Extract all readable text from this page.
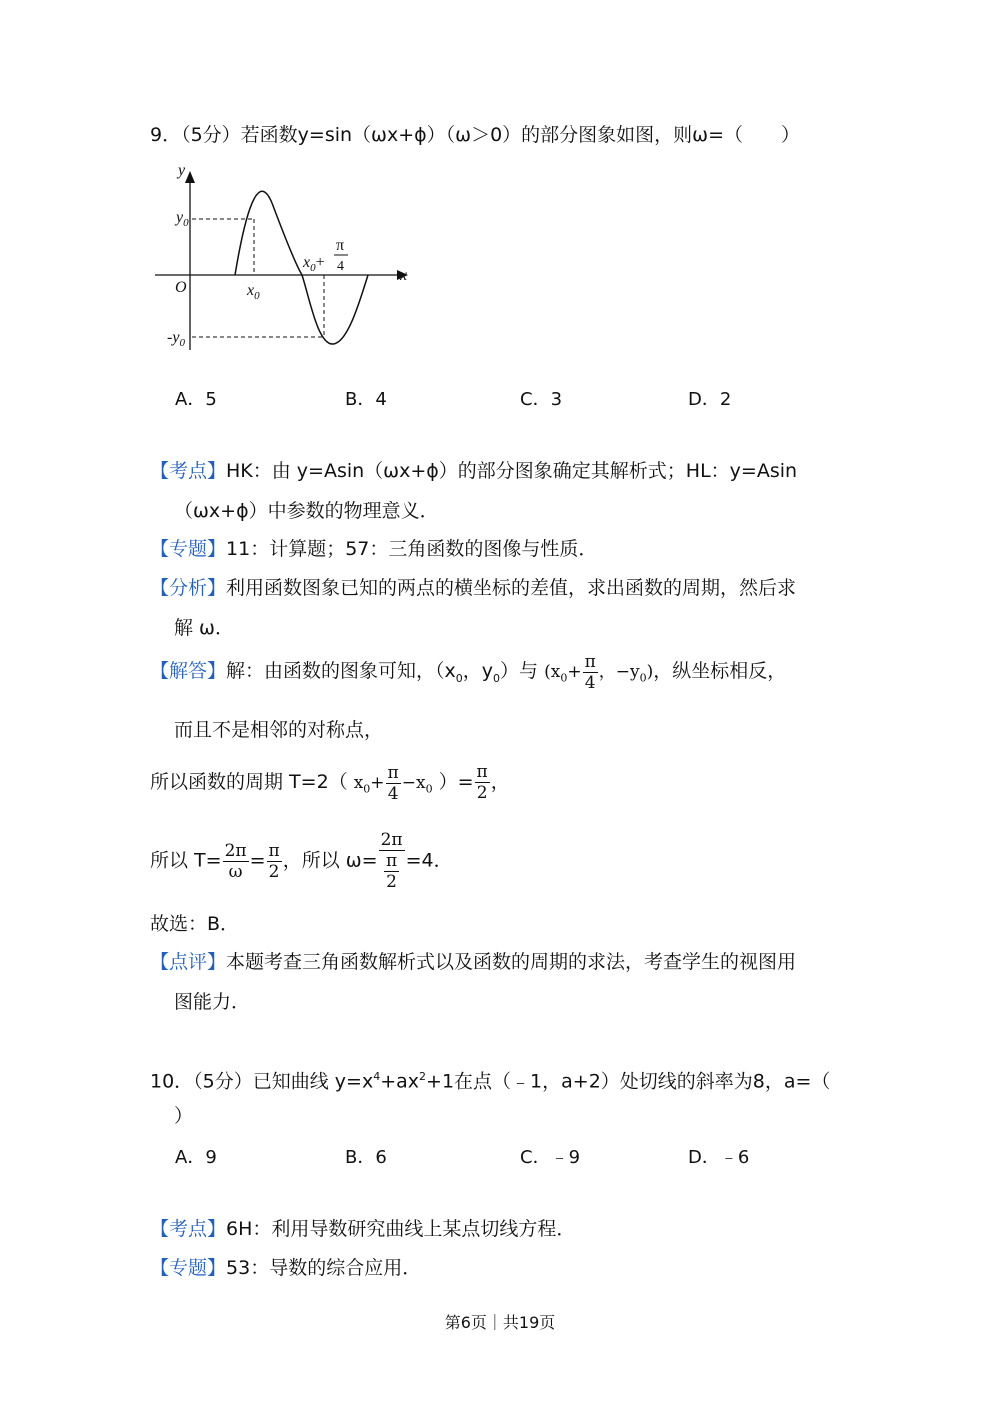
9．（5分）若函数y=sin（ωx+ϕ）（ω＞0）的部分图象如图，则ω=（　　）
y
x
O
$y_0$
$-y_0$
$x_0$
$x_0+$
π
4
A．5	B．4	C．3	D．2
【考点】HK：由 y=Asin（ωx+ϕ）的部分图象确定其解析式；HL：y=Asin
（ωx+ϕ）中参数的物理意义．
【专题】11：计算题；57：三角函数的图像与性质．
【分析】利用函数图象已知的两点的横坐标的差值，求出函数的周期，然后求
解 ω．
【解答】解：由函数的图象可知，（$x_0$，$y_0$）与 ($x_0+ \frac{\pi}{4}$ ，$-y_0$)，纵坐标相反，
而且不是相邻的对称点，
所以函数的周期 T=2（ $x_0+ \frac{\pi}{4} -x_0$ ）= $\frac{\pi}{2}$ ，
所以 $T= \frac{2\pi}{\omega} = \frac{\pi}{2}$ ，所以 $\omega= \frac{2\pi}{\frac{\pi}{2}} =4$．
故选：B．
【点评】本题考查三角函数解析式以及函数的周期的求法，考查学生的视图用
图能力．
10．（5分）已知曲线 $y=x^4+ax^2+1$在点（﹣1，a+2）处切线的斜率为8，a=（
）
A．9	B．6	C．﹣9	D．﹣6
【考点】6H：利用导数研究曲线上某点切线方程．
【专题】53：导数的综合应用．
第6页｜共19页
